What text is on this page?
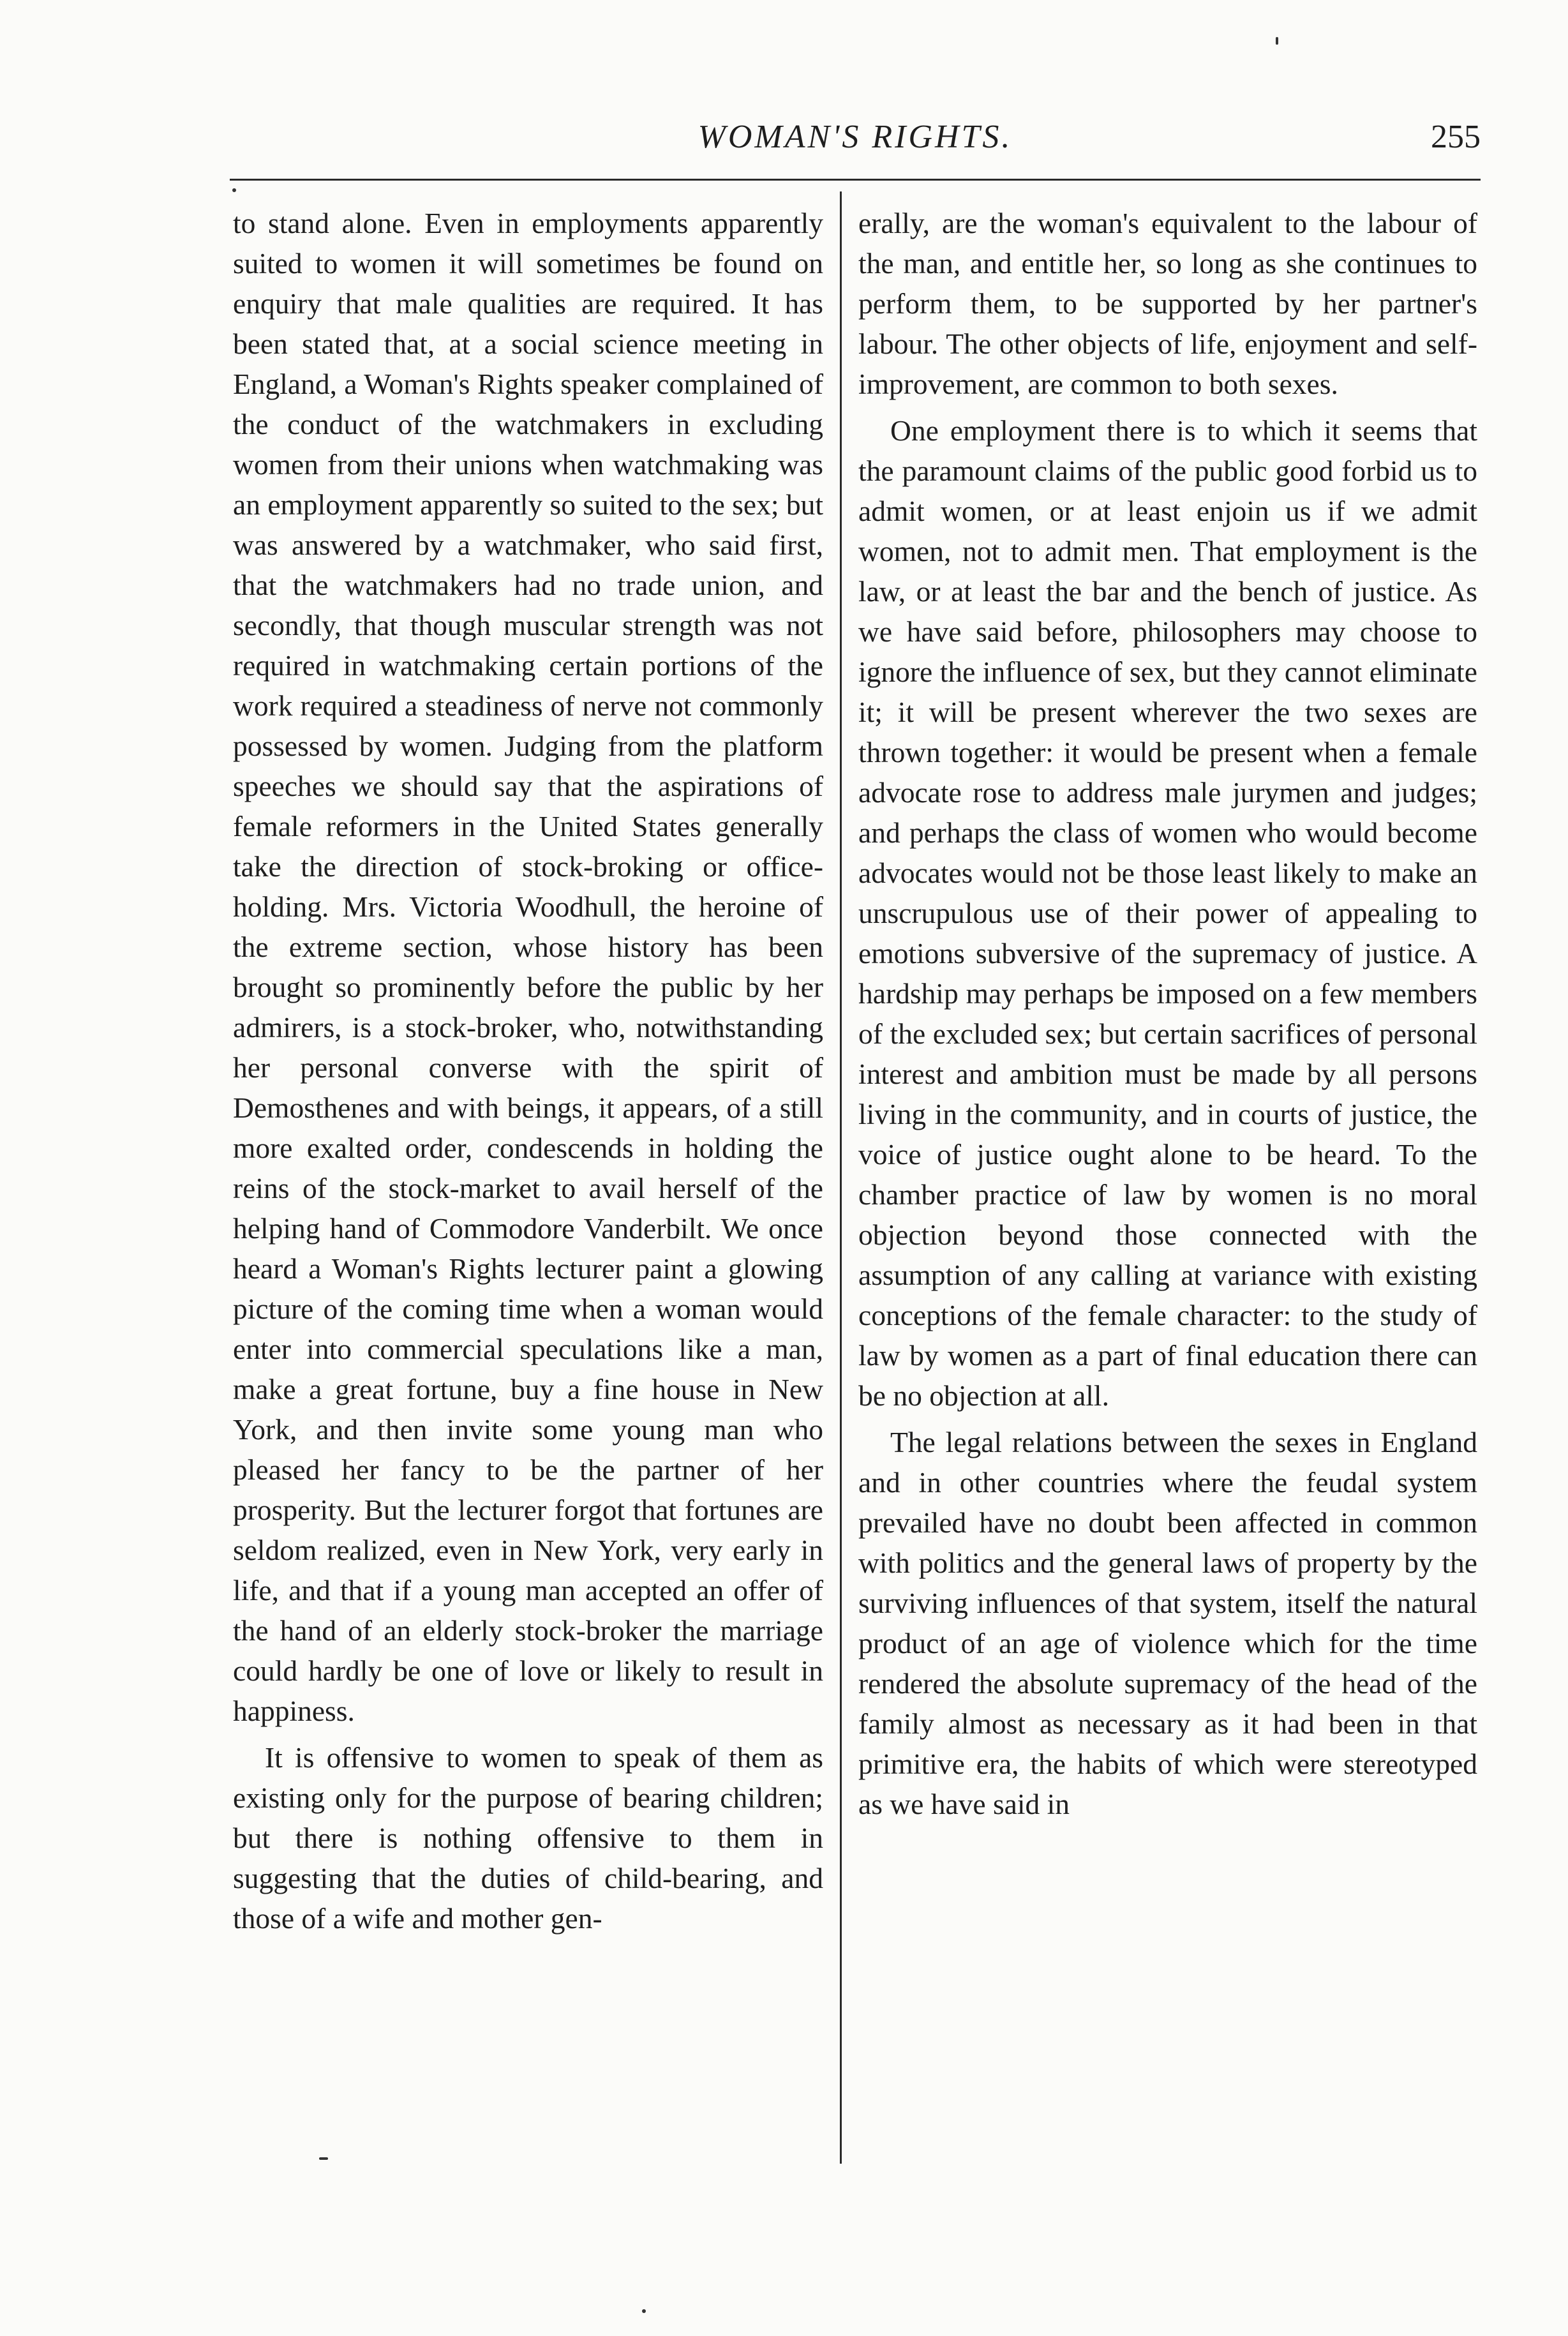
WOMAN'S RIGHTS.	255

to stand alone. Even in employments apparently suited to women it will sometimes be found on enquiry that male qualities are required. It has been stated that, at a social science meeting in England, a Woman's Rights speaker complained of the conduct of the watchmakers in excluding women from their unions when watchmaking was an employment apparently so suited to the sex; but was answered by a watchmaker, who said first, that the watchmakers had no trade union, and secondly, that though muscular strength was not required in watchmaking certain portions of the work required a steadiness of nerve not commonly possessed by women. Judging from the platform speeches we should say that the aspirations of female reformers in the United States generally take the direction of stock-broking or office-holding. Mrs. Victoria Woodhull, the heroine of the extreme section, whose history has been brought so prominently before the public by her admirers, is a stock-broker, who, notwithstanding her personal converse with the spirit of Demosthenes and with beings, it appears, of a still more exalted order, condescends in holding the reins of the stock-market to avail herself of the helping hand of Commodore Vanderbilt. We once heard a Woman's Rights lecturer paint a glowing picture of the coming time when a woman would enter into commercial speculations like a man, make a great fortune, buy a fine house in New York, and then invite some young man who pleased her fancy to be the partner of her prosperity. But the lecturer forgot that fortunes are seldom realized, even in New York, very early in life, and that if a young man accepted an offer of the hand of an elderly stock-broker the marriage could hardly be one of love or likely to result in happiness.

It is offensive to women to speak of them as existing only for the purpose of bearing children; but there is nothing offensive to them in suggesting that the duties of child-bearing, and those of a wife and mother gen-

erally, are the woman's equivalent to the labour of the man, and entitle her, so long as she continues to perform them, to be supported by her partner's labour. The other objects of life, enjoyment and self-improvement, are common to both sexes.

One employment there is to which it seems that the paramount claims of the public good forbid us to admit women, or at least enjoin us if we admit women, not to admit men. That employment is the law, or at least the bar and the bench of justice. As we have said before, philosophers may choose to ignore the influence of sex, but they cannot eliminate it; it will be present wherever the two sexes are thrown together: it would be present when a female advocate rose to address male jurymen and judges; and perhaps the class of women who would become advocates would not be those least likely to make an unscrupulous use of their power of appealing to emotions subversive of the supremacy of justice. A hardship may perhaps be imposed on a few members of the excluded sex; but certain sacrifices of personal interest and ambition must be made by all persons living in the community, and in courts of justice, the voice of justice ought alone to be heard. To the chamber practice of law by women is no moral objection beyond those connected with the assumption of any calling at variance with existing conceptions of the female character: to the study of law by women as a part of final education there can be no objection at all.

The legal relations between the sexes in England and in other countries where the feudal system prevailed have no doubt been affected in common with politics and the general laws of property by the surviving influences of that system, itself the natural product of an age of violence which for the time rendered the absolute supremacy of the head of the family almost as necessary as it had been in that primitive era, the habits of which were stereotyped as we have said in
